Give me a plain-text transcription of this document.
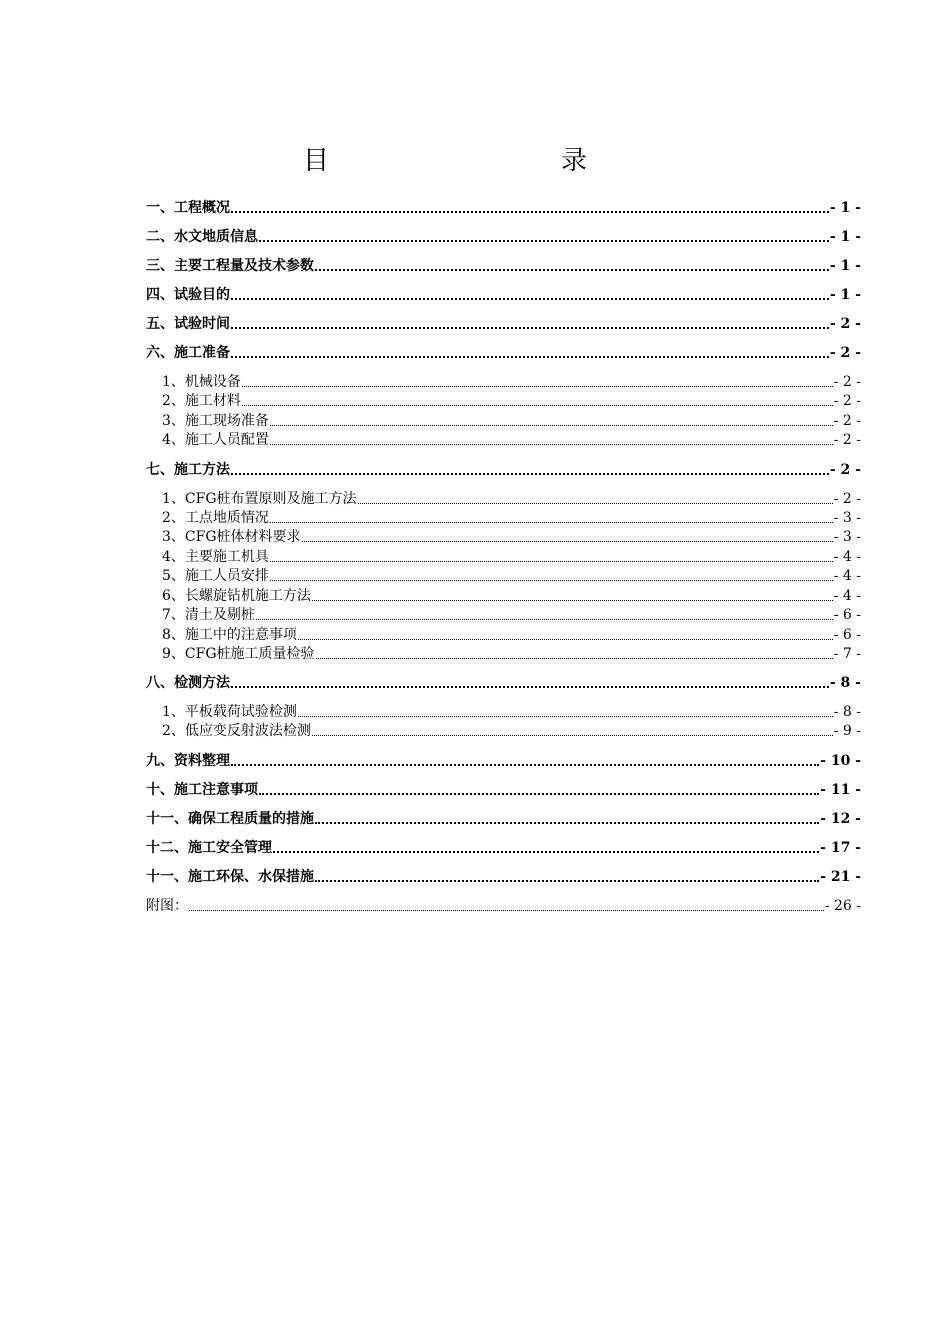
目　　录
一、工程概况	- 1 -
二、水文地质信息	- 1 -
三、主要工程量及技术参数	- 1 -
四、试验目的	- 1 -
五、试验时间	- 2 -
六、施工准备	- 2 -
1、机械设备	- 2 -
2、施工材料	- 2 -
3、施工现场准备	- 2 -
4、施工人员配置	- 2 -
七、施工方法	- 2 -
1、CFG桩布置原则及施工方法	- 2 -
2、工点地质情况	- 3 -
3、CFG桩体材料要求	- 3 -
4、主要施工机具	- 4 -
5、施工人员安排	- 4 -
6、长螺旋钻机施工方法	- 4 -
7、清土及剔桩	- 6 -
8、施工中的注意事项	- 6 -
9、CFG桩施工质量检验	- 7 -
八、检测方法	- 8 -
1、平板载荷试验检测	- 8 -
2、低应变反射波法检测	- 9 -
九、资料整理	- 10 -
十、施工注意事项	- 11 -
十一、确保工程质量的措施	- 12 -
十二、施工安全管理	- 17 -
十一、施工环保、水保措施	- 21 -
附图：	- 26 -
